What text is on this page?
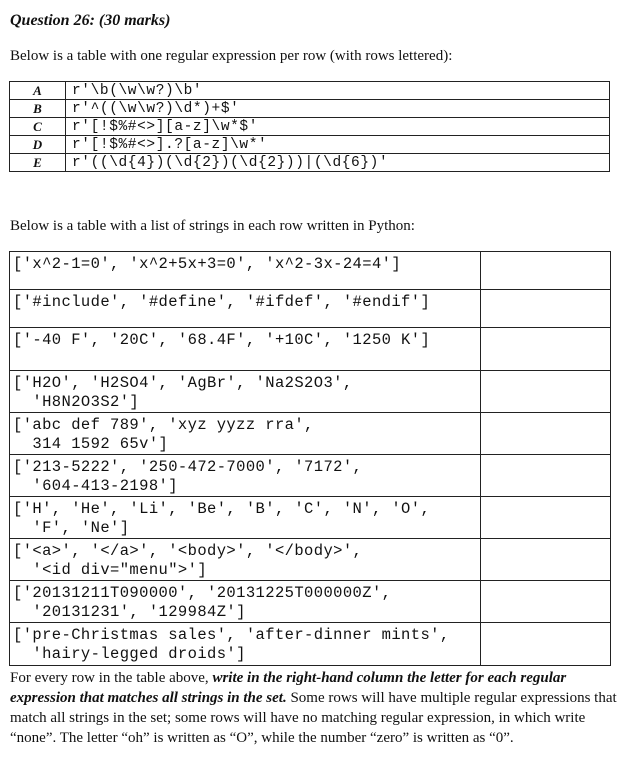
Question 26: (30 marks)
Below is a table with one regular expression per row (with rows lettered):
A	r'\b(\w\w?)\b'
B	r'^((\w\w?)\d*)+$'
C	r'[!$%#<>][a-z]\w*$'
D	r'[!$%#<>].?[a-z]\w*'
E	r'((\d{4})(\d{2})(\d{2}))|(\d{6})'
Below is a table with a list of strings in each row written in Python:
['x^2-1=0', 'x^2+5x+3=0', 'x^2-3x-24=4']	
['#include', '#define', '#ifdef', '#endif']	
['-40 F', '20C', '68.4F', '+10C', '1250 K']	
['H2O', 'H2SO4', 'AgBr', 'Na2S2O3',
'H8N2O3S2']	
['abc def 789', 'xyz yyzz rra',
314 1592 65v']	
['213-5222', '250-472-7000', '7172',
'604-413-2198']	
['H', 'He', 'Li', 'Be', 'B', 'C', 'N', 'O',
'F', 'Ne']	
['<a>', '</a>', '<body>', '</body>',
'<id div="menu">']	
['20131211T090000', '20131225T000000Z',
'20131231', '129984Z']	
['pre-Christmas sales', 'after-dinner mints',
'hairy-legged droids']	
For every row in the table above, write in the right-hand column the letter for each regular expression that matches all strings in the set. Some rows will have multiple regular expressions that match all strings in the set; some rows will have no matching regular expression, in which write “none”. The letter “oh” is written as “O”, while the number “zero” is written as “0”.
